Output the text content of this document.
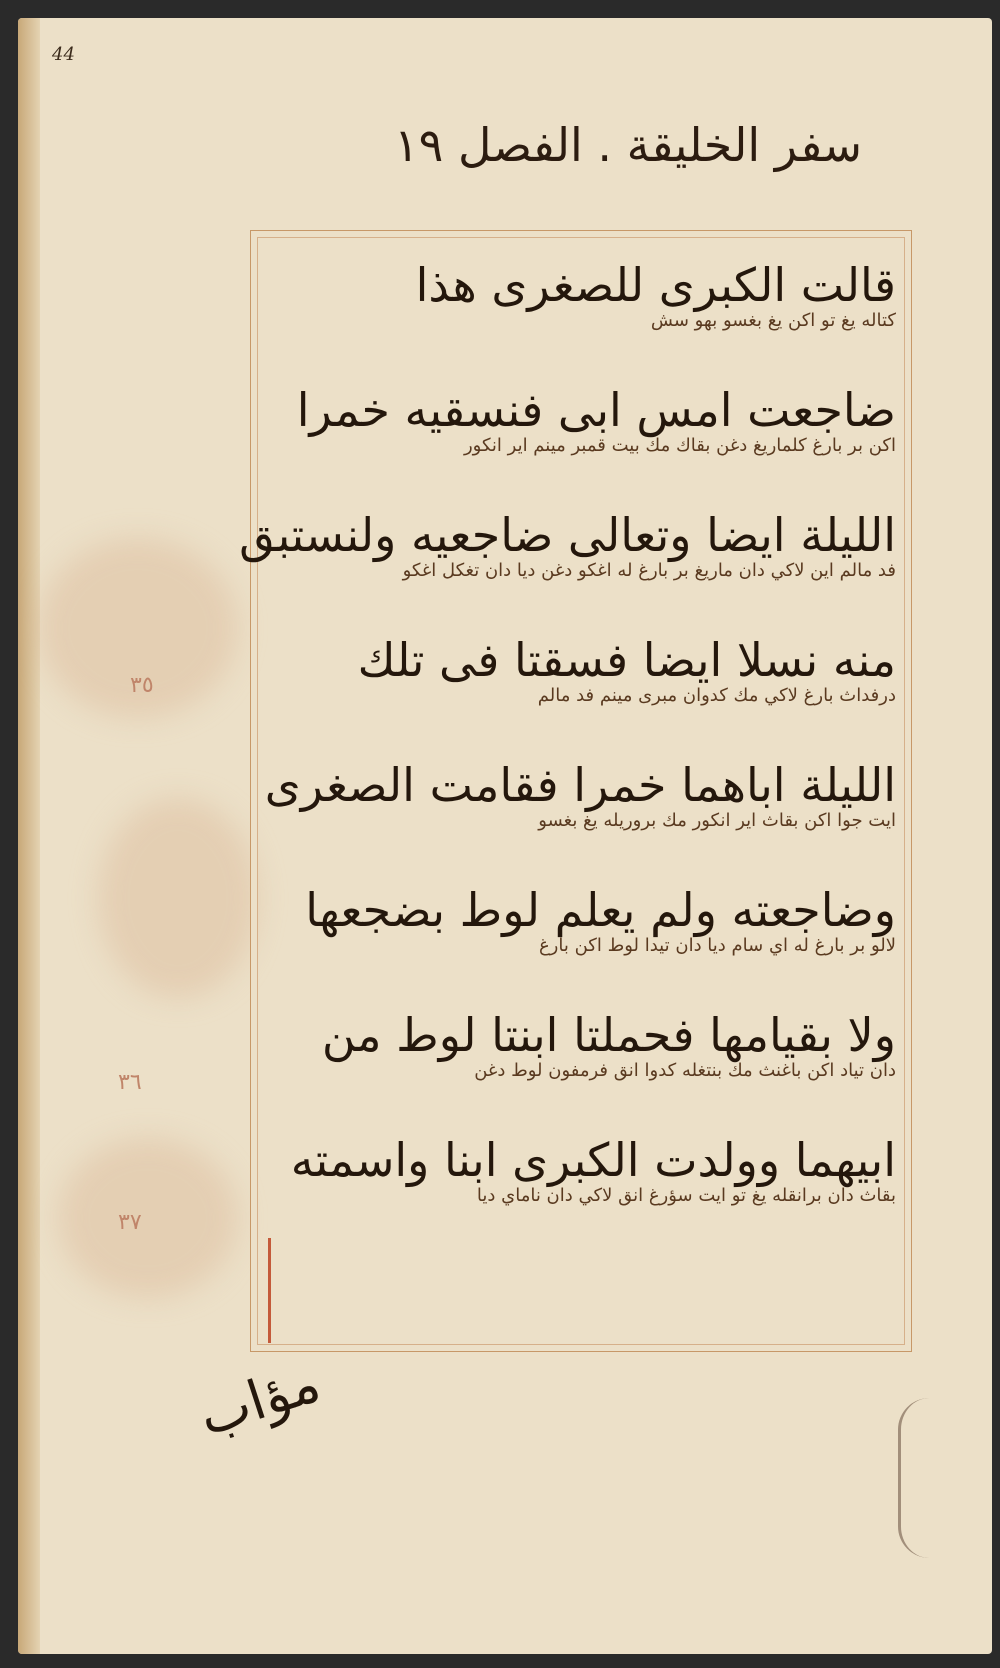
44
سفر الخليقة . الفصل ١٩
قالت الكبرى للصغرى هذا
كتاله يغ تو اكن يغ بغسو بهو سش
ضاجعت امس ابى فنسقيه خمرا
اكن بر بارغ كلماريغ دغن بقاك مك بيت قمبر مينم اير انكور
الليلة ايضا وتعالى ضاجعيه ولنستبق
فد مالم اين لاكي دان ماريغ بر بارغ له اغكو دغن ديا دان تغكل اغكو
منه نسلا ايضا فسقتا فى تلك
درفداث بارغ لاكي مك كدوان مبرى مينم فد مالم
الليلة اباهما خمرا فقامت الصغرى
ايت جوا اكن بقاث اير انكور مك بروريله يغ بغسو
وضاجعته ولم يعلم لوط بضجعها
لالو بر بارغ له اي سام ديا دان تيدا لوط اكن بارغ
ولا بقيامها فحملتا ابنتا لوط من
دان تياد اكن باغنث مك بنتغله كدوا انق فرمفون لوط دغن
ابيهما وولدت الكبرى ابنا واسمته
بقاث دان برانقله يغ تو ايت سؤرغ انق لاكي دان ناماي ديا
٣٥
٣٦
٣٧
مؤاب
